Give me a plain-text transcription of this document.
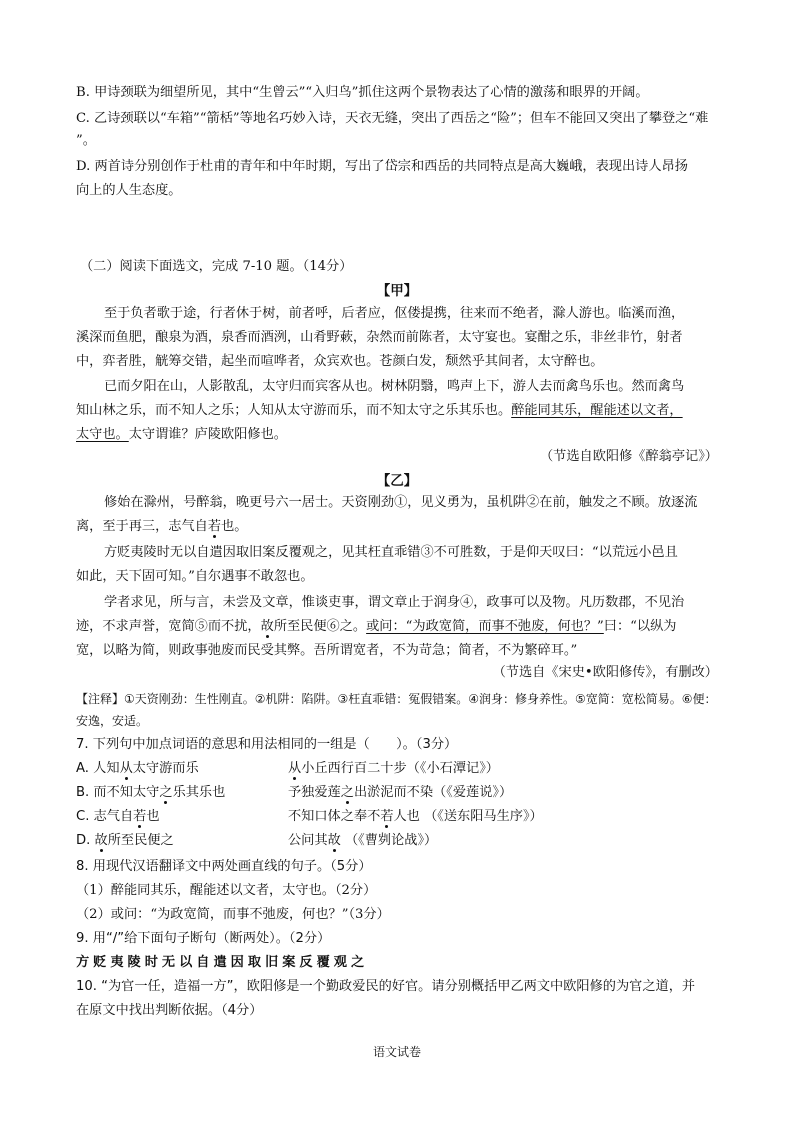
B. 甲诗颈联为细望所见，其中“生曾云”“入归鸟”抓住这两个景物表达了心情的激荡和眼界的开阔。
C. 乙诗颈联以“车箱”“箭栝”等地名巧妙入诗，天衣无缝，突出了西岳之“险”；但车不能回又突出了攀登之“难
”。
D. 两首诗分别创作于杜甫的青年和中年时期，写出了岱宗和西岳的共同特点是高大巍峨，表现出诗人昂扬
向上的人生态度。
（二）阅读下面选文，完成 7-10 题。（14分）
【甲】
至于负者歌于途，行者休于树，前者呼，后者应，伛偻提携，往来而不绝者，滁人游也。临溪而渔，
溪深而鱼肥，酿泉为酒，泉香而酒洌，山肴野蔌，杂然而前陈者，太守宴也。宴酣之乐，非丝非竹，射者
中，弈者胜，觥筹交错，起坐而喧哗者，众宾欢也。苍颜白发，颓然乎其间者，太守醉也。
已而夕阳在山，人影散乱，太守归而宾客从也。树林阴翳，鸣声上下，游人去而禽鸟乐也。然而禽鸟
知山林之乐，而不知人之乐；人知从太守游而乐，而不知太守之乐其乐也。醉能同其乐，醒能述以文者，
太守也。太守谓谁？庐陵欧阳修也。
（节选自欧阳修《醉翁亭记》）
【乙】
修始在滁州，号醉翁，晚更号六一居士。天资刚劲①，见义勇为，虽机阱②在前，触发之不顾。放逐流
离，至于再三，志气自若也。
方贬夷陵时无以自遣因取旧案反覆观之，见其枉直乖错③不可胜数，于是仰天叹曰：“以荒远小邑且
如此，天下固可知。”自尔遇事不敢忽也。
学者求见，所与言，未尝及文章，惟谈吏事，谓文章止于润身④，政事可以及物。凡历数郡，不见治
迹，不求声誉，宽简⑤而不扰，故所至民便⑥之。或问：“为政宽简，而事不弛废，何也？”曰：“以纵为
宽，以略为简，则政事弛废而民受其弊。吾所谓宽者，不为苛急；简者，不为繁碎耳。”
（节选自《宋史•欧阳修传》，有删改）
【注释】①天资刚劲：生性刚直。②机阱：陷阱。③枉直乖错：冤假错案。④润身：修身养性。⑤宽简：宽松简易。⑥便：
安逸，安适。
7. 下列句中加点词语的意思和用法相同的一组是（　　）。（3分）
A. 人知从太守游而乐	从小丘西行百二十步（《小石潭记》）
B. 而不知太守之乐其乐也	予独爱莲之出淤泥而不染（《爱莲说》）
C. 志气自若也	不知口体之奉不若人也 （《送东阳马生序》）
D. 故所至民便之	公问其故 （《曹刿论战》）
8. 用现代汉语翻译文中两处画直线的句子。（5分）
（1）醉能同其乐，醒能述以文者，太守也。（2分）
（2）或问：“为政宽简，而事不弛废，何也？”（3分）
9. 用“/”给下面句子断句（断两处）。（2分）
方贬夷陵时无以自遣因取旧案反覆观之
10. “为官一任，造福一方”，欧阳修是一个勤政爱民的好官。请分别概括甲乙两文中欧阳修的为官之道，并
在原文中找出判断依据。（4分）
语文试卷
